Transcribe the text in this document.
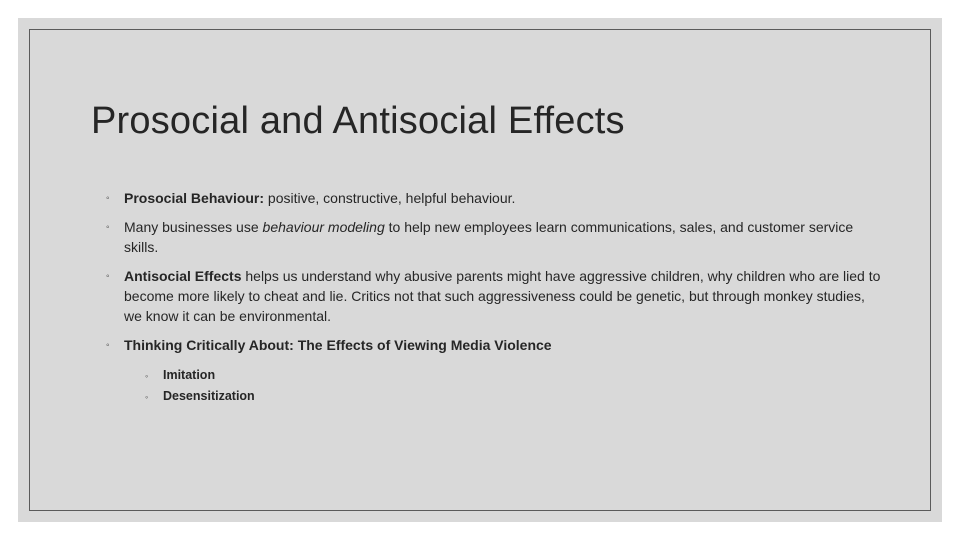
Prosocial and Antisocial Effects
◦ Prosocial Behaviour: positive, constructive, helpful behaviour.
◦ Many businesses use behaviour modeling to help new employees learn communications, sales, and customer service skills.
◦ Antisocial Effects helps us understand why abusive parents might have aggressive children, why children who are lied to become more likely to cheat and lie. Critics not that such aggressiveness could be genetic, but through monkey studies, we know it can be environmental.
◦ Thinking Critically About: The Effects of Viewing Media Violence
◦ Imitation
◦ Desensitization
